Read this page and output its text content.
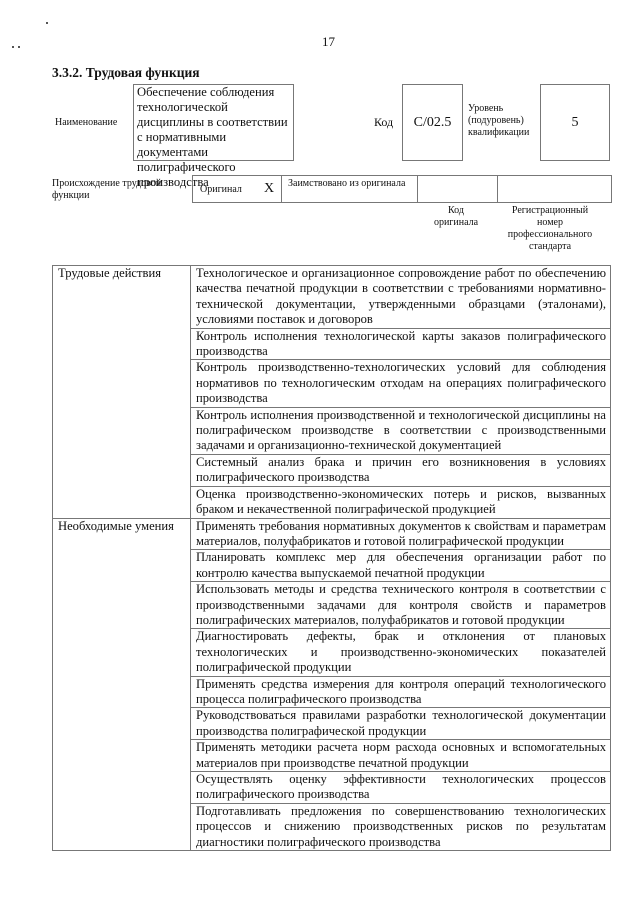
17
3.3.2. Трудовая функция
Наименование
Обеспечение соблюдения технологической дисциплины в соответствии с нормативными документами полиграфического производства
Код C/02.5
Уровень (подуровень) квалификации
5
Происхождение трудовой функции
Оригинал X	Заимствовано из оригинала
Код оригинала
Регистрационный номер профессионального стандарта
Трудовые действия	Технологическое и организационное сопровождение работ по обеспечению качества печатной продукции в соответствии с требованиями нормативно-технической документации, утвержденными образцами (эталонами), условиями поставок и договоров
	Контроль исполнения технологической карты заказов полиграфического производства
	Контроль производственно-технологических условий для соблюдения нормативов по технологическим отходам на операциях полиграфического производства
	Контроль исполнения производственной и технологической дисциплины на полиграфическом производстве в соответствии с производственными задачами и организационно-технической документацией
	Системный анализ брака и причин его возникновения в условиях полиграфического производства
	Оценка производственно-экономических потерь и рисков, вызванных браком и некачественной полиграфической продукцией
Необходимые умения	Применять требования нормативных документов к свойствам и параметрам материалов, полуфабрикатов и готовой полиграфической продукции
	Планировать комплекс мер для обеспечения организации работ по контролю качества выпускаемой печатной продукции
	Использовать методы и средства технического контроля в соответствии с производственными задачами для контроля свойств и параметров полиграфических материалов, полуфабрикатов и готовой продукции
	Диагностировать дефекты, брак и отклонения от плановых технологических и производственно-экономических показателей полиграфической продукции
	Применять средства измерения для контроля операций технологического процесса полиграфического производства
	Руководствоваться правилами разработки технологической документации производства полиграфической продукции
	Применять методики расчета норм расхода основных и вспомогательных материалов при производстве печатной продукции
	Осуществлять оценку эффективности технологических процессов полиграфического производства
	Подготавливать предложения по совершенствованию технологических процессов и снижению производственных рисков по результатам диагностики полиграфического производства
